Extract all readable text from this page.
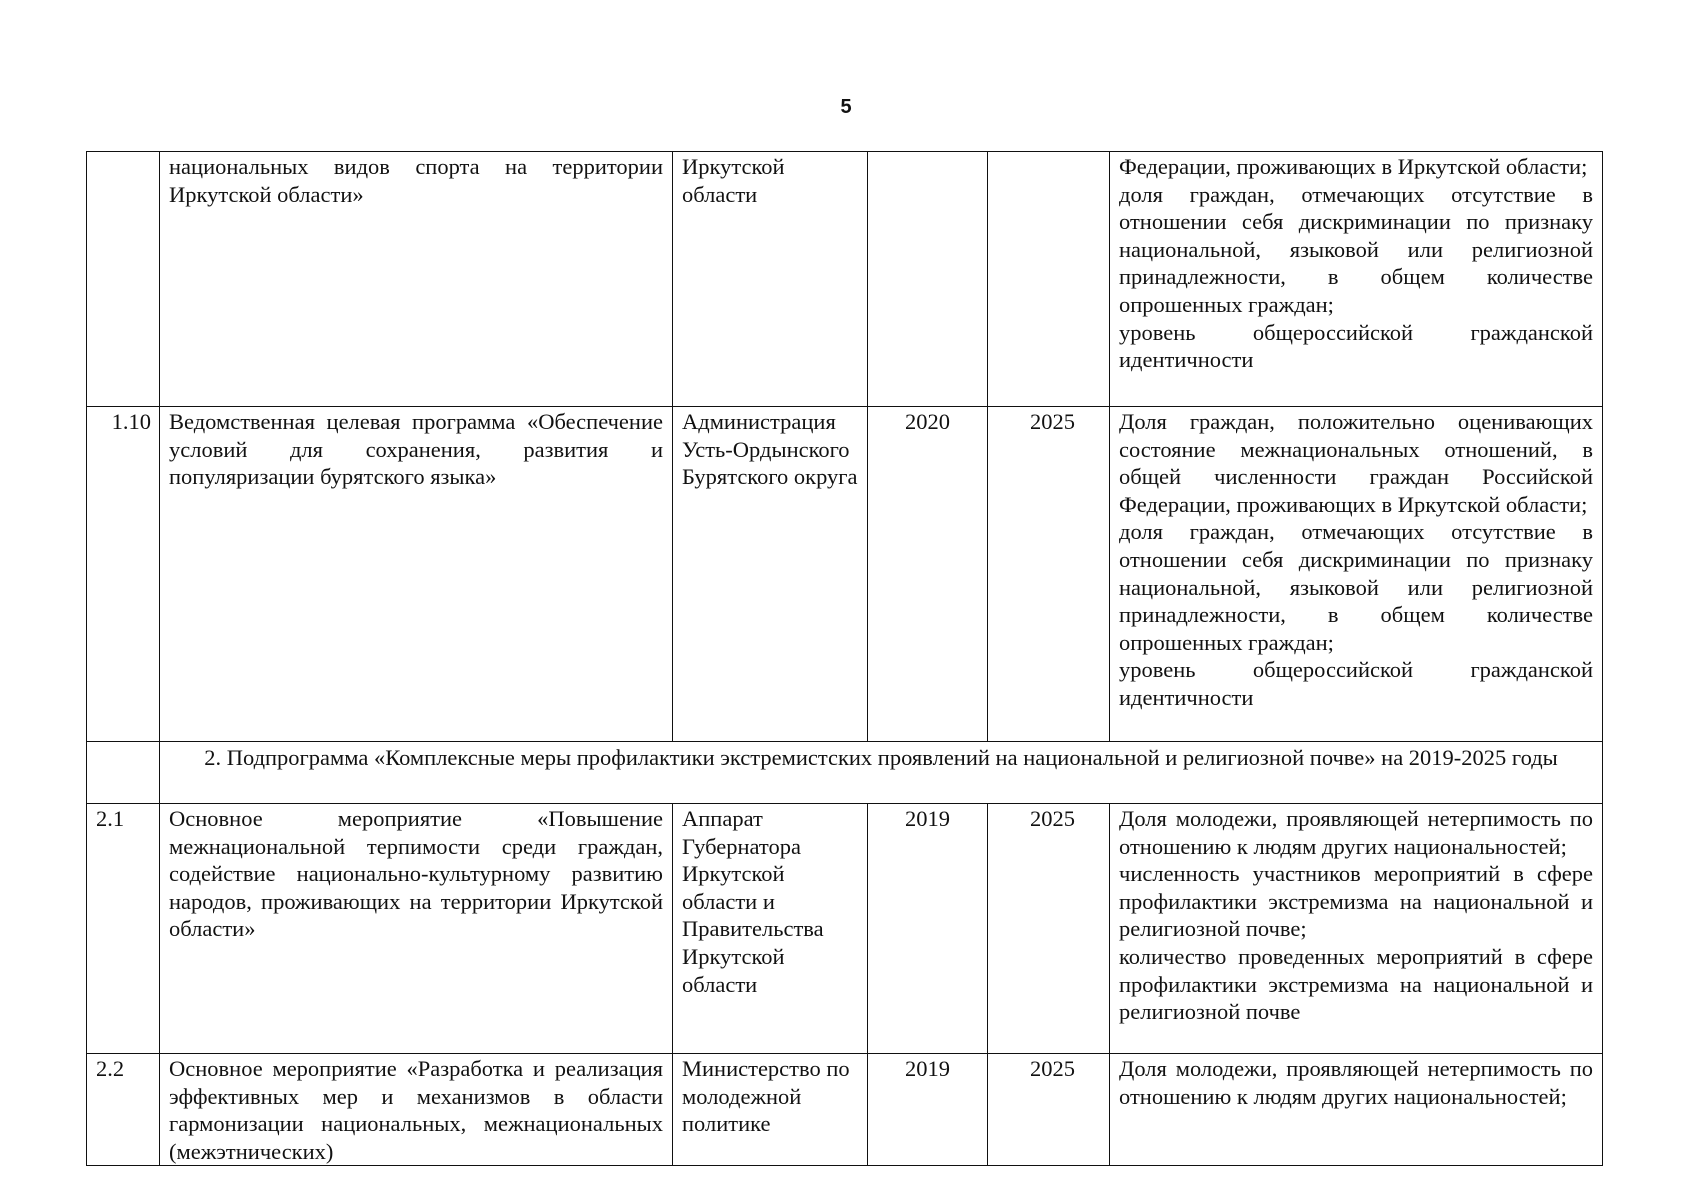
5
	национальных видов спорта на территории Иркутской области»	Иркутской области			Федерации, проживающих в Иркутской области;
доля граждан, отмечающих отсутствие в отношении себя дискриминации по признаку национальной, языковой или религиозной принадлежности, в общем количестве опрошенных граждан;
уровень общероссийской гражданской идентичности

1.10	Ведомственная целевая программа «Обеспечение условий для сохранения, развития и популяризации бурятского языка»	Администрация Усть-Ордынского Бурятского округа	2020	2025	Доля граждан, положительно оценивающих состояние межнациональных отношений, в общей численности граждан Российской Федерации, проживающих в Иркутской области;
доля граждан, отмечающих отсутствие в отношении себя дискриминации по признаку национальной, языковой или религиозной принадлежности, в общем количестве опрошенных граждан;
уровень общероссийской гражданской идентичности

	2. Подпрограмма «Комплексные меры профилактики экстремистских проявлений на национальной и религиозной почве» на 2019-2025 годы				
2.1	Основное мероприятие «Повышение межнациональной терпимости среди граждан, содействие национально-культурному развитию народов, проживающих на территории Иркутской области»	Аппарат Губернатора Иркутской области и Правительства Иркутской области	2019	2025	Доля молодежи, проявляющей нетерпимость по отношению к людям других национальностей;
численность участников мероприятий в сфере профилактики экстремизма на национальной и религиозной почве;
количество проведенных мероприятий в сфере профилактики экстремизма на национальной и религиозной почве

2.2	Основное мероприятие «Разработка и реализация эффективных мер и механизмов в области гармонизации национальных, межнациональных (межэтнических)	Министерство по молодежной политике	2019	2025	Доля молодежи, проявляющей нетерпимость по отношению к людям других национальностей;
